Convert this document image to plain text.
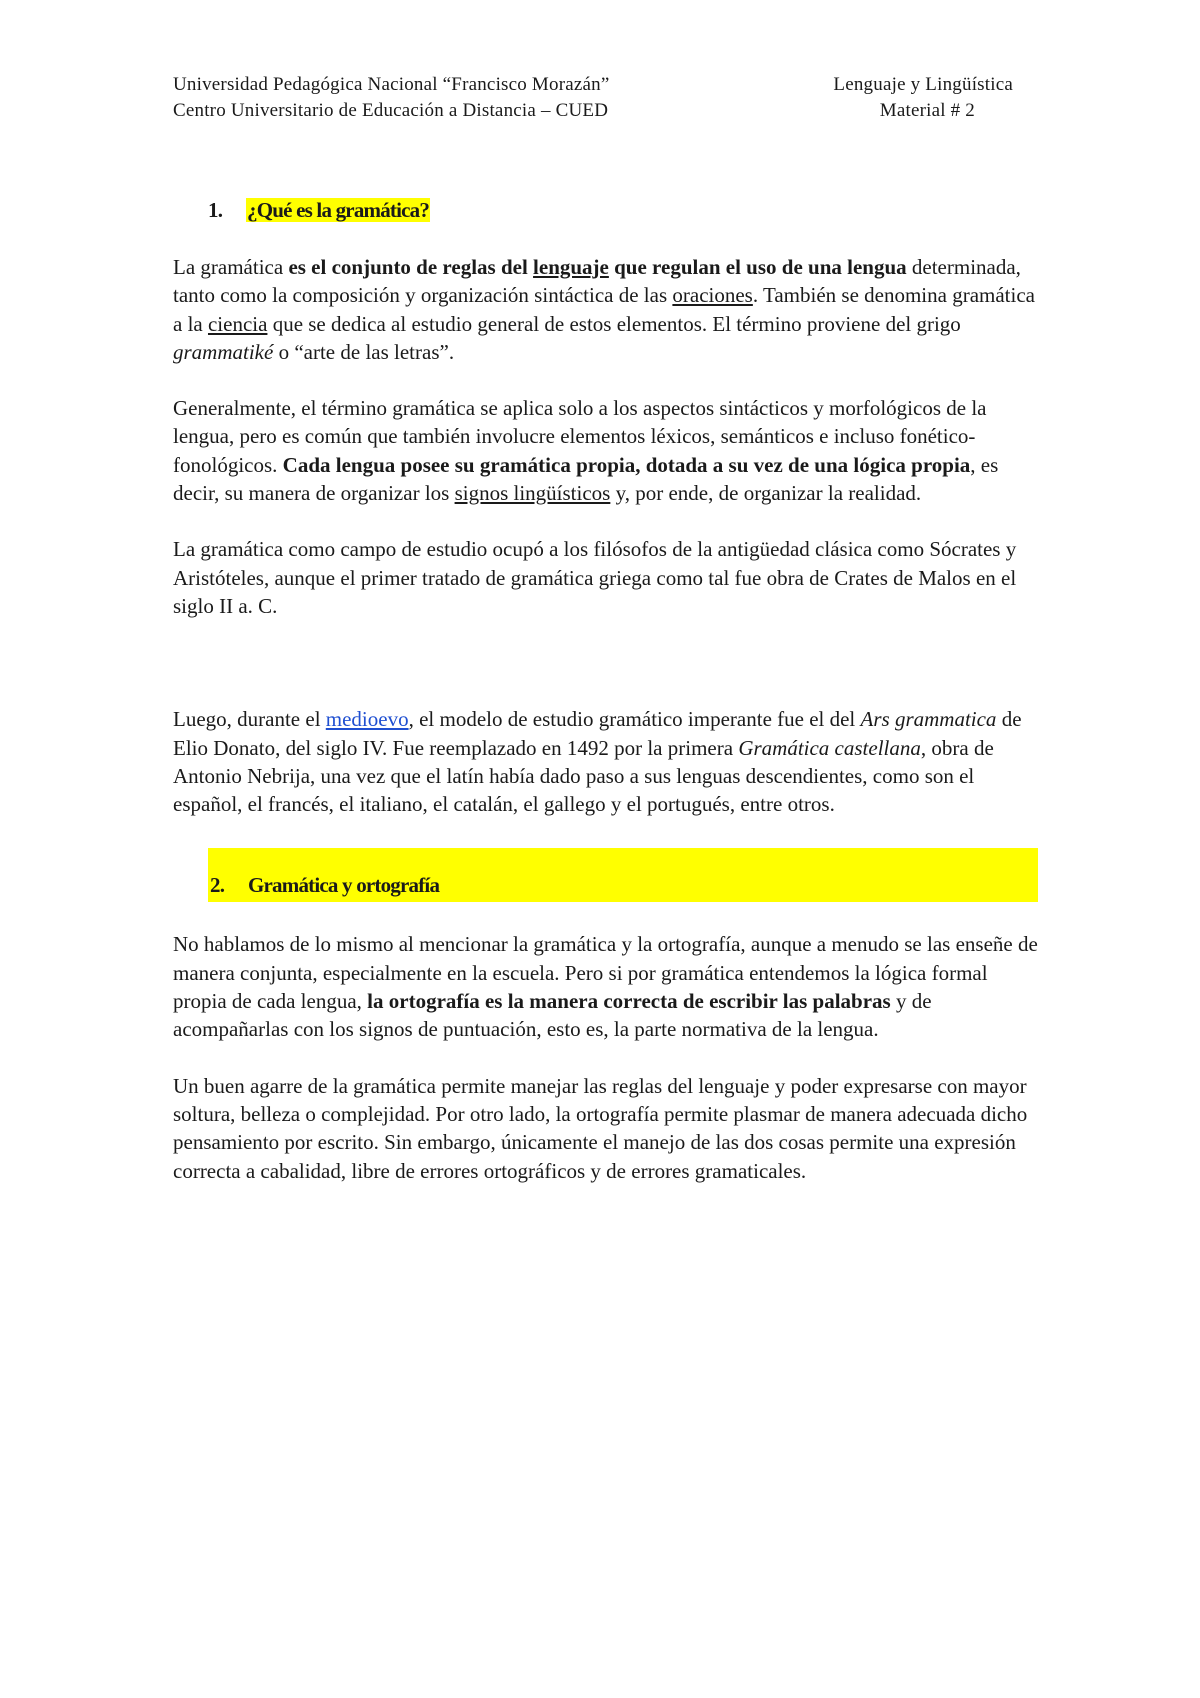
Universidad Pedagógica Nacional “Francisco Morazán”	Lenguaje y Lingüística
Centro Universitario de Educación a Distancia – CUED	Material # 2
1. ¿Qué es la gramática?

La gramática es el conjunto de reglas del lenguaje que regulan el uso de una lengua determinada, tanto como la composición y organización sintáctica de las oraciones. También se denomina gramática a la ciencia que se dedica al estudio general de estos elementos. El término proviene del grigo grammatiké o “arte de las letras”.

Generalmente, el término gramática se aplica solo a los aspectos sintácticos y morfológicos de la lengua, pero es común que también involucre elementos léxicos, semánticos e incluso fonético-fonológicos. Cada lengua posee su gramática propia, dotada a su vez de una lógica propia, es decir, su manera de organizar los signos lingüísticos y, por ende, de organizar la realidad.

La gramática como campo de estudio ocupó a los filósofos de la antigüedad clásica como Sócrates y Aristóteles, aunque el primer tratado de gramática griega como tal fue obra de Crates de Malos en el siglo II a. C.

Luego, durante el medioevo, el modelo de estudio gramático imperante fue el del Ars grammatica de Elio Donato, del siglo IV. Fue reemplazado en 1492 por la primera Gramática castellana, obra de Antonio Nebrija, una vez que el latín había dado paso a sus lenguas descendientes, como son el español, el francés, el italiano, el catalán, el gallego y el portugués, entre otros.

2.	Gramática y ortografía

No hablamos de lo mismo al mencionar la gramática y la ortografía, aunque a menudo se las enseñe de manera conjunta, especialmente en la escuela. Pero si por gramática entendemos la lógica formal propia de cada lengua, la ortografía es la manera correcta de escribir las palabras y de acompañarlas con los signos de puntuación, esto es, la parte normativa de la lengua.

Un buen agarre de la gramática permite manejar las reglas del lenguaje y poder expresarse con mayor soltura, belleza o complejidad. Por otro lado, la ortografía permite plasmar de manera adecuada dicho pensamiento por escrito. Sin embargo, únicamente el manejo de las dos cosas permite una expresión correcta a cabalidad, libre de errores ortográficos y de errores gramaticales.
